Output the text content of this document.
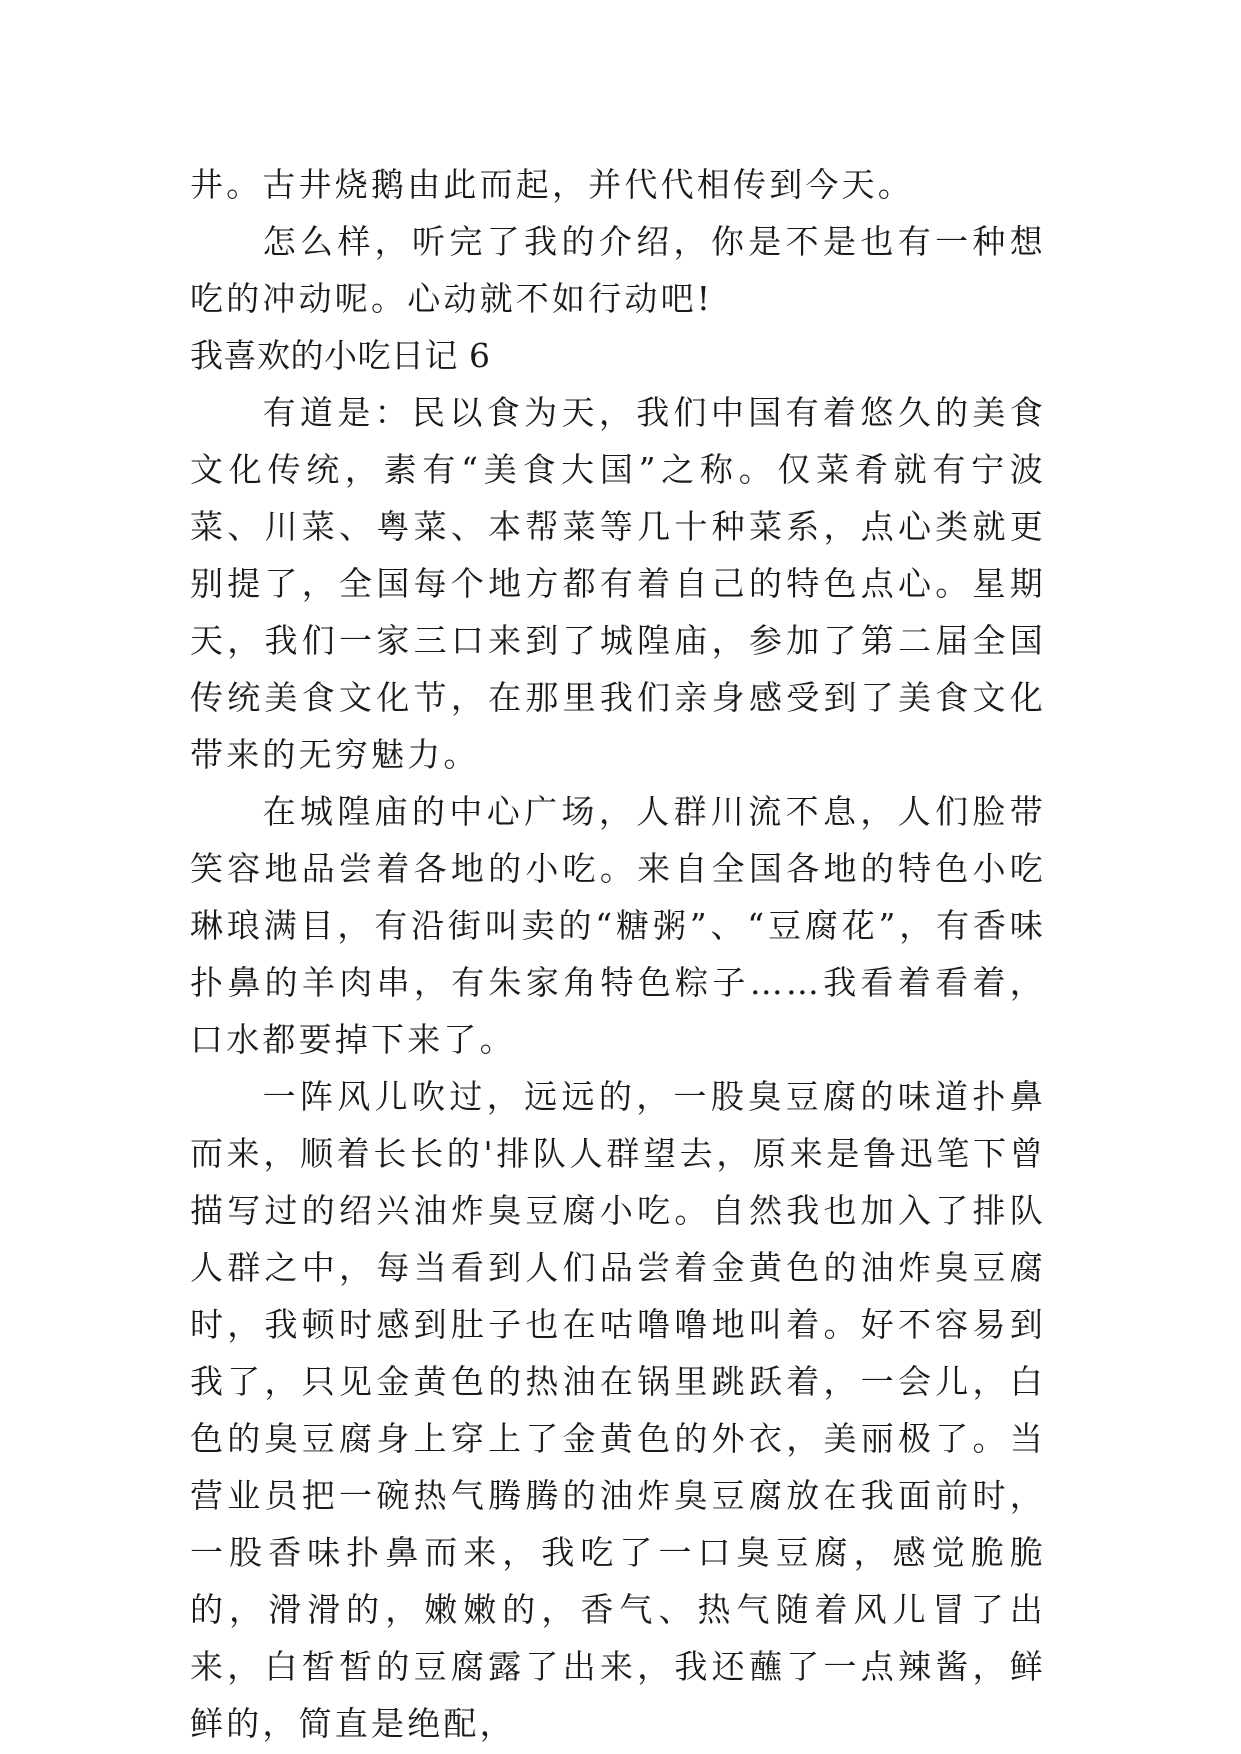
井。古井烧鹅由此而起，并代代相传到今天。

怎么样，听完了我的介绍，你是不是也有一种想吃的冲动呢。心动就不如行动吧!

我喜欢的小吃日记 6

有道是：民以食为天，我们中国有着悠久的美食文化传统，素有“美食大国”之称。仅菜肴就有宁波菜、川菜、粤菜、本帮菜等几十种菜系，点心类就更别提了，全国每个地方都有着自己的特色点心。星期天，我们一家三口来到了城隍庙，参加了第二届全国传统美食文化节，在那里我们亲身感受到了美食文化带来的无穷魅力。

在城隍庙的中心广场，人群川流不息，人们脸带笑容地品尝着各地的小吃。来自全国各地的特色小吃琳琅满目，有沿街叫卖的“糖粥”、“豆腐花”，有香味扑鼻的羊肉串，有朱家角特色粽子……我看着看着，口水都要掉下来了。

一阵风儿吹过，远远的，一股臭豆腐的味道扑鼻而来，顺着长长的'排队人群望去，原来是鲁迅笔下曾描写过的绍兴油炸臭豆腐小吃。自然我也加入了排队人群之中，每当看到人们品尝着金黄色的油炸臭豆腐时，我顿时感到肚子也在咕噜噜地叫着。好不容易到我了，只见金黄色的热油在锅里跳跃着，一会儿，白色的臭豆腐身上穿上了金黄色的外衣，美丽极了。当营业员把一碗热气腾腾的油炸臭豆腐放在我面前时，一股香味扑鼻而来，我吃了一口臭豆腐，感觉脆脆的，滑滑的，嫩嫩的，香气、热气随着风儿冒了出来，白皙皙的豆腐露了出来，我还蘸了一点辣酱，鲜鲜的，简直是绝配，
